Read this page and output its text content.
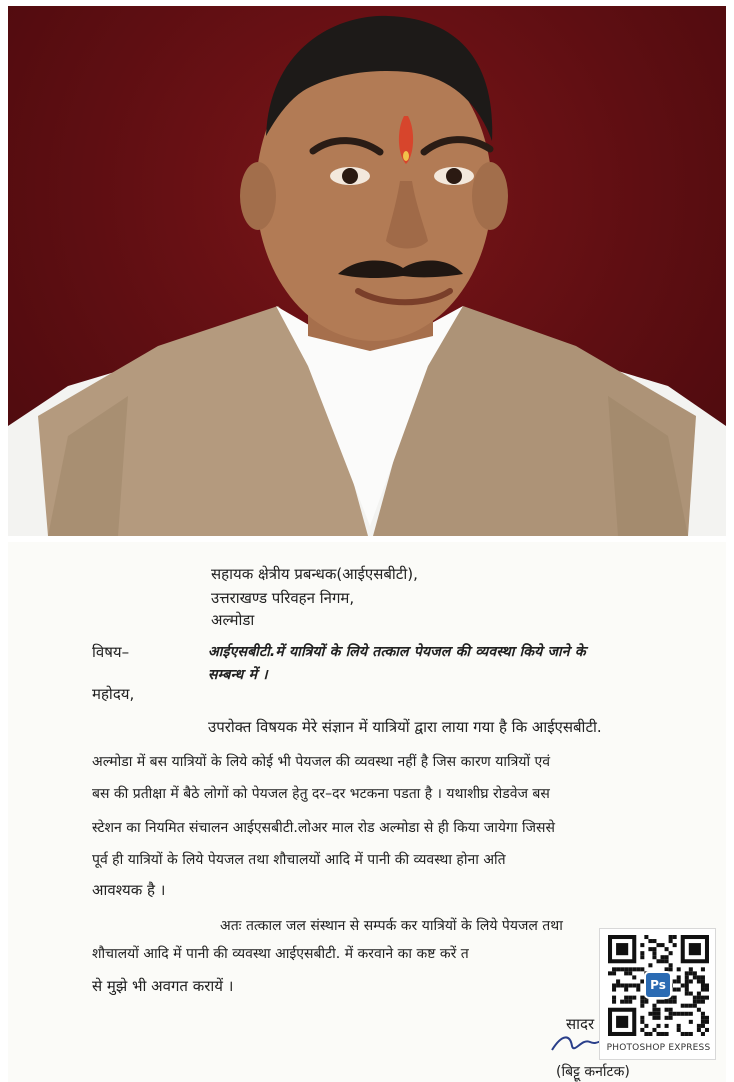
सहायक क्षेत्रीय प्रबन्धक(आईएसबीटी),
उत्तराखण्ड परिवहन निगम,
अल्मोडा
विषय–	आईएसबीटी.में यात्रियों के लिये तत्काल पेयजल की व्यवस्था किये जाने के
सम्बन्ध में ।
महोदय,
उपरोक्त विषयक मेरे संज्ञान में यात्रियों द्वारा लाया गया है कि आईएसबीटी.
अल्मोडा में बस यात्रियों के लिये कोई भी पेयजल की व्यवस्था नहीं है जिस कारण यात्रियों एवं
बस की प्रतीक्षा में बैठे लोगों को पेयजल हेतु दर–दर भटकना पडता है । यथाशीघ्र रोडवेज बस
स्टेशन का नियमित संचालन आईएसबीटी.लोअर माल रोड अल्मोडा से ही किया जायेगा जिससे
पूर्व ही यात्रियों के लिये पेयजल तथा शौचालयों आदि में पानी की व्यवस्था होना अति
आवश्यक है ।
अतः तत्काल जल संस्थान से सम्पर्क कर यात्रियों के लिये पेयजल तथा
शौचालयों आदि में पानी की व्यवस्था आईएसबीटी. में करवाने का कष्ट करें त
से मुझे भी अवगत करायें ।
सादर
(बिट्टू कर्नाटक)
Ps
PHOTOSHOP EXPRESS
